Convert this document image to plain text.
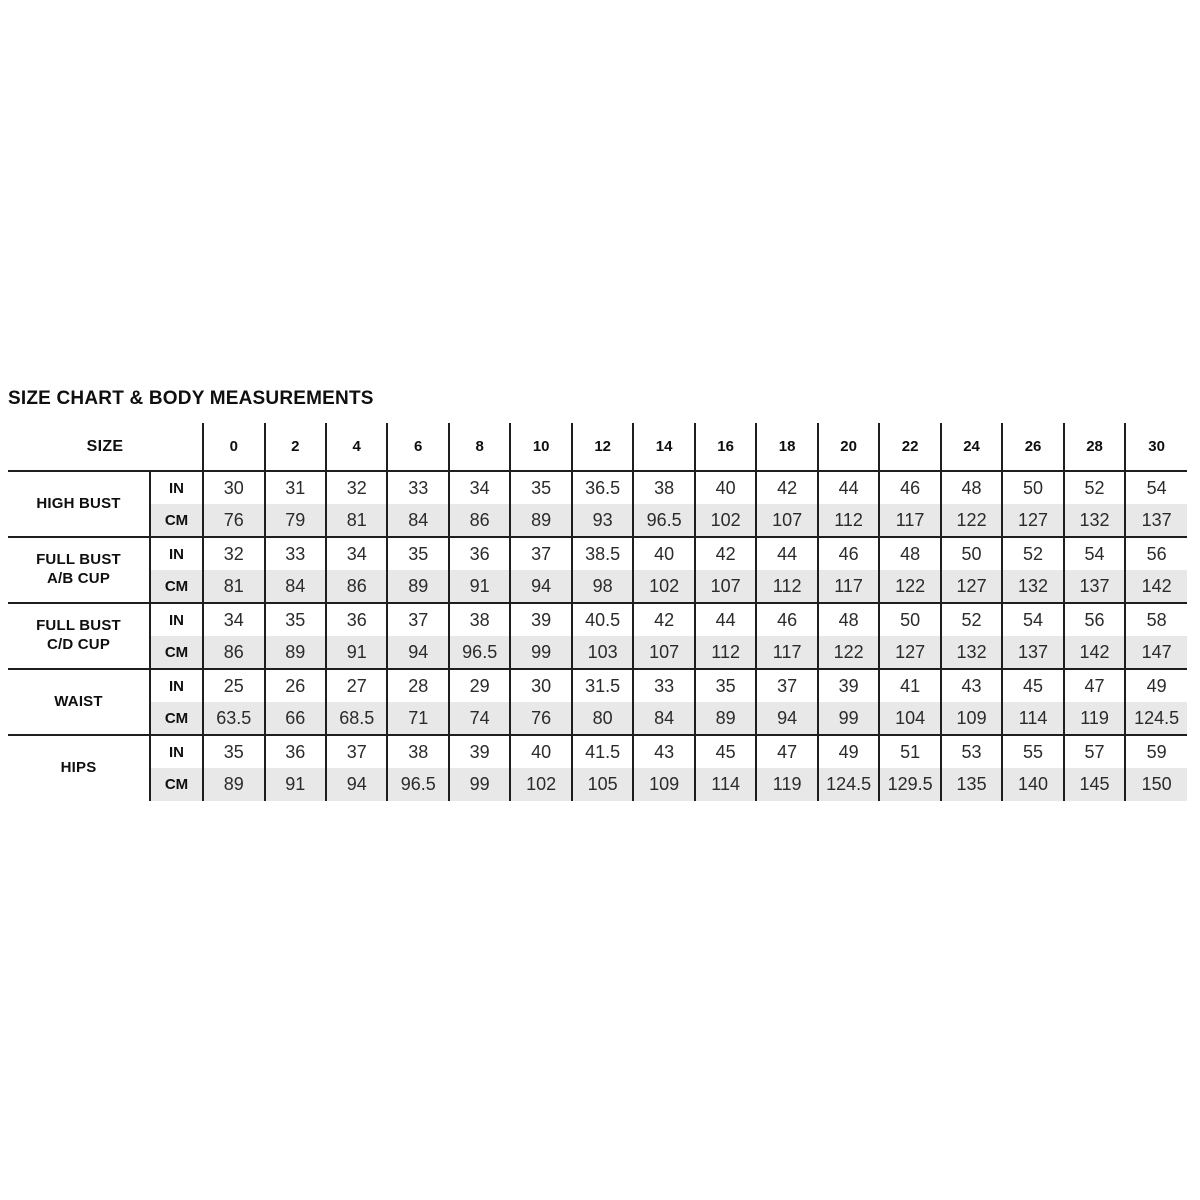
SIZE CHART & BODY MEASUREMENTS
SIZE		0	2	4	6	8	10	12	14	16	18	20	22	24	26	28	30

HIGH BUST	IN	30	31	32	33	34	35	36.5	38	40	42	44	46	48	50	52	54
	CM	76	79	81	84	86	89	93	96.5	102	107	112	117	122	127	132	137

FULL BUST
A/B CUP	IN	32	33	34	35	36	37	38.5	40	42	44	46	48	50	52	54	56
	CM	81	84	86	89	91	94	98	102	107	112	117	122	127	132	137	142

FULL BUST
C/D CUP	IN	34	35	36	37	38	39	40.5	42	44	46	48	50	52	54	56	58
	CM	86	89	91	94	96.5	99	103	107	112	117	122	127	132	137	142	147

WAIST	IN	25	26	27	28	29	30	31.5	33	35	37	39	41	43	45	47	49
	CM	63.5	66	68.5	71	74	76	80	84	89	94	99	104	109	114	119	124.5

HIPS	IN	35	36	37	38	39	40	41.5	43	45	47	49	51	53	55	57	59
	CM	89	91	94	96.5	99	102	105	109	114	119	124.5	129.5	135	140	145	150
